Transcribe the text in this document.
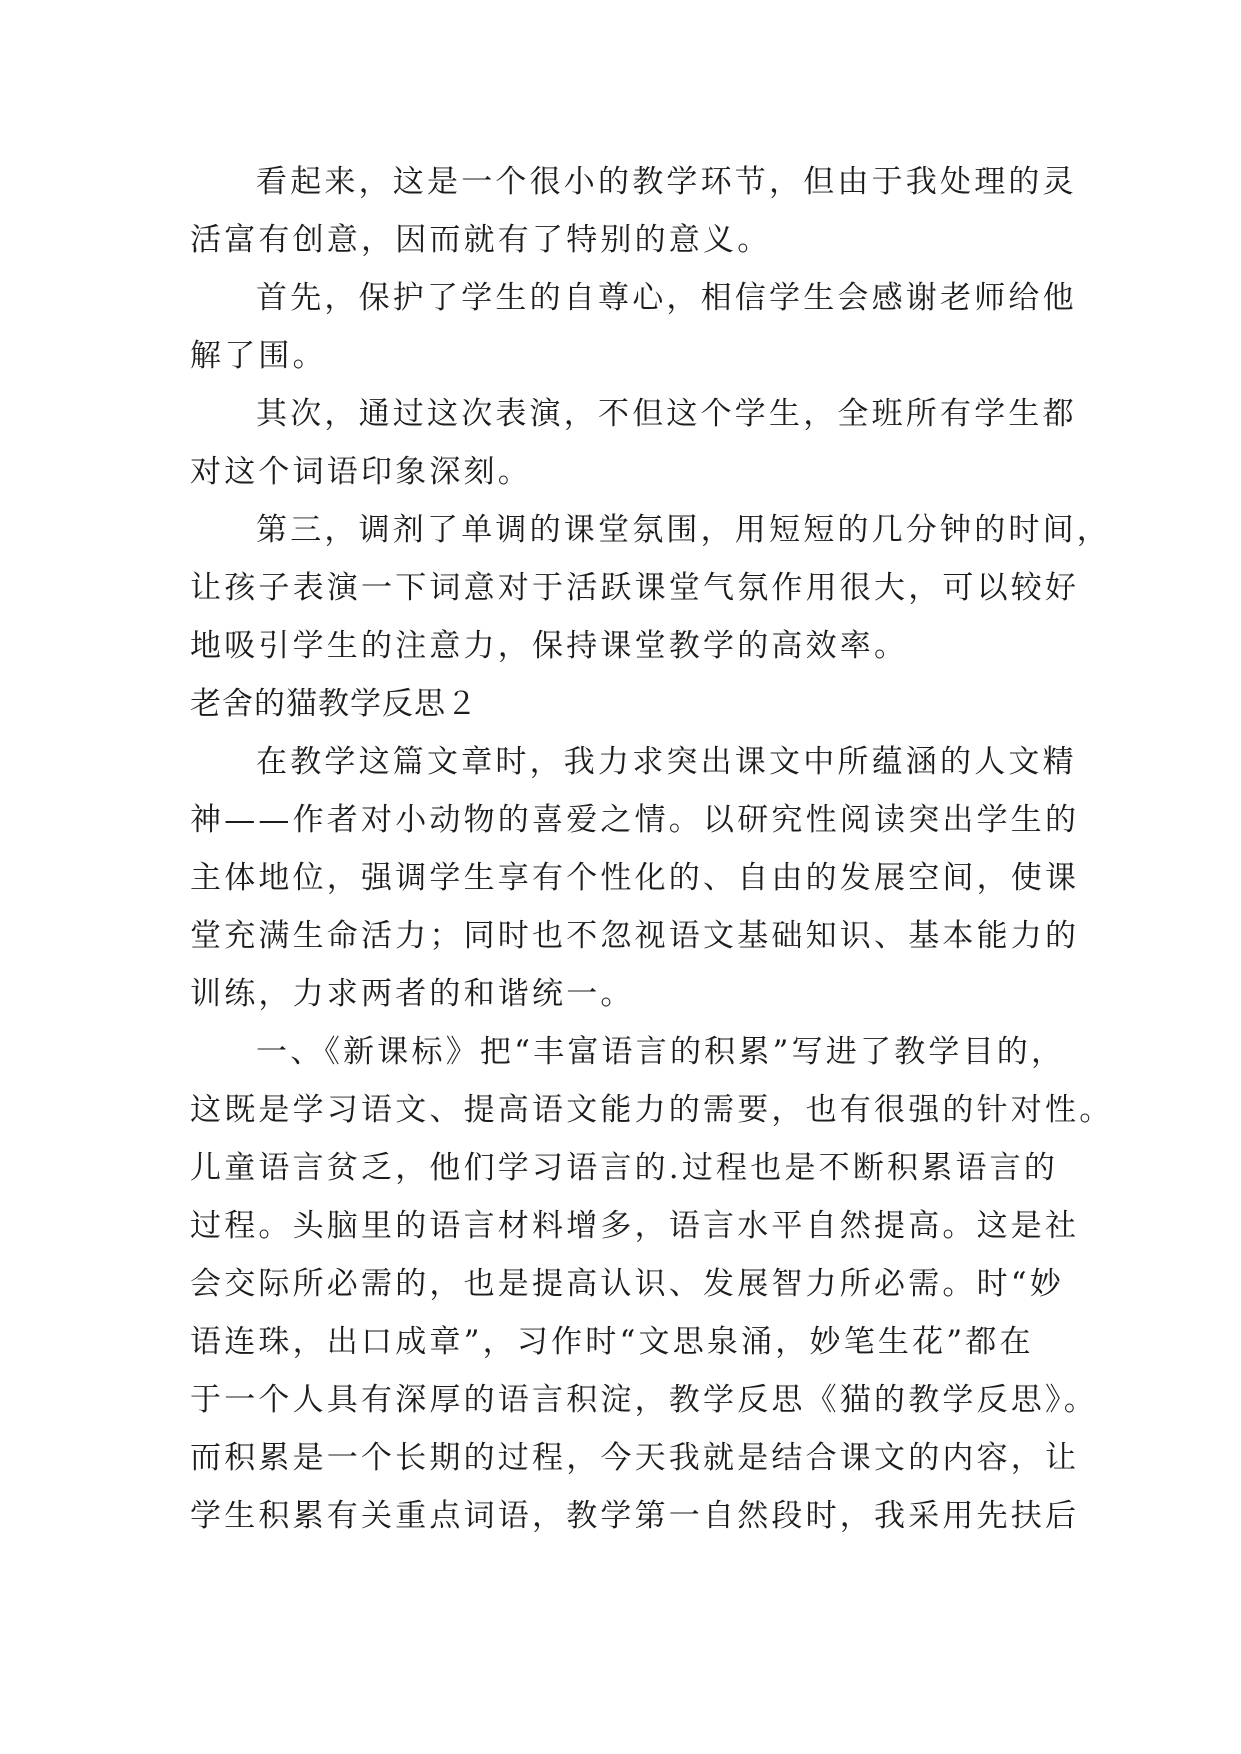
看起来，这是一个很小的教学环节，但由于我处理的灵
活富有创意，因而就有了特别的意义。
首先，保护了学生的自尊心，相信学生会感谢老师给他
解了围。
其次，通过这次表演，不但这个学生，全班所有学生都
对这个词语印象深刻。
第三，调剂了单调的课堂氛围，用短短的几分钟的时间，
让孩子表演一下词意对于活跃课堂气氛作用很大，可以较好
地吸引学生的注意力，保持课堂教学的高效率。
老舍的猫教学反思２
在教学这篇文章时，我力求突出课文中所蕴涵的人文精
神——作者对小动物的喜爱之情。以研究性阅读突出学生的
主体地位，强调学生享有个性化的、自由的发展空间，使课
堂充满生命活力；同时也不忽视语文基础知识、基本能力的
训练，力求两者的和谐统一。
一、《新课标》把“丰富语言的积累”写进了教学目的，
这既是学习语文、提高语文能力的需要，也有很强的针对性。
儿童语言贫乏，他们学习语言的.过程也是不断积累语言的
过程。头脑里的语言材料增多，语言水平自然提高。这是社
会交际所必需的，也是提高认识、发展智力所必需。时“妙
语连珠，出口成章”，习作时“文思泉涌，妙笔生花”都在
于一个人具有深厚的语言积淀，教学反思《猫的教学反思》。
而积累是一个长期的过程，今天我就是结合课文的内容，让
学生积累有关重点词语，教学第一自然段时，我采用先扶后
